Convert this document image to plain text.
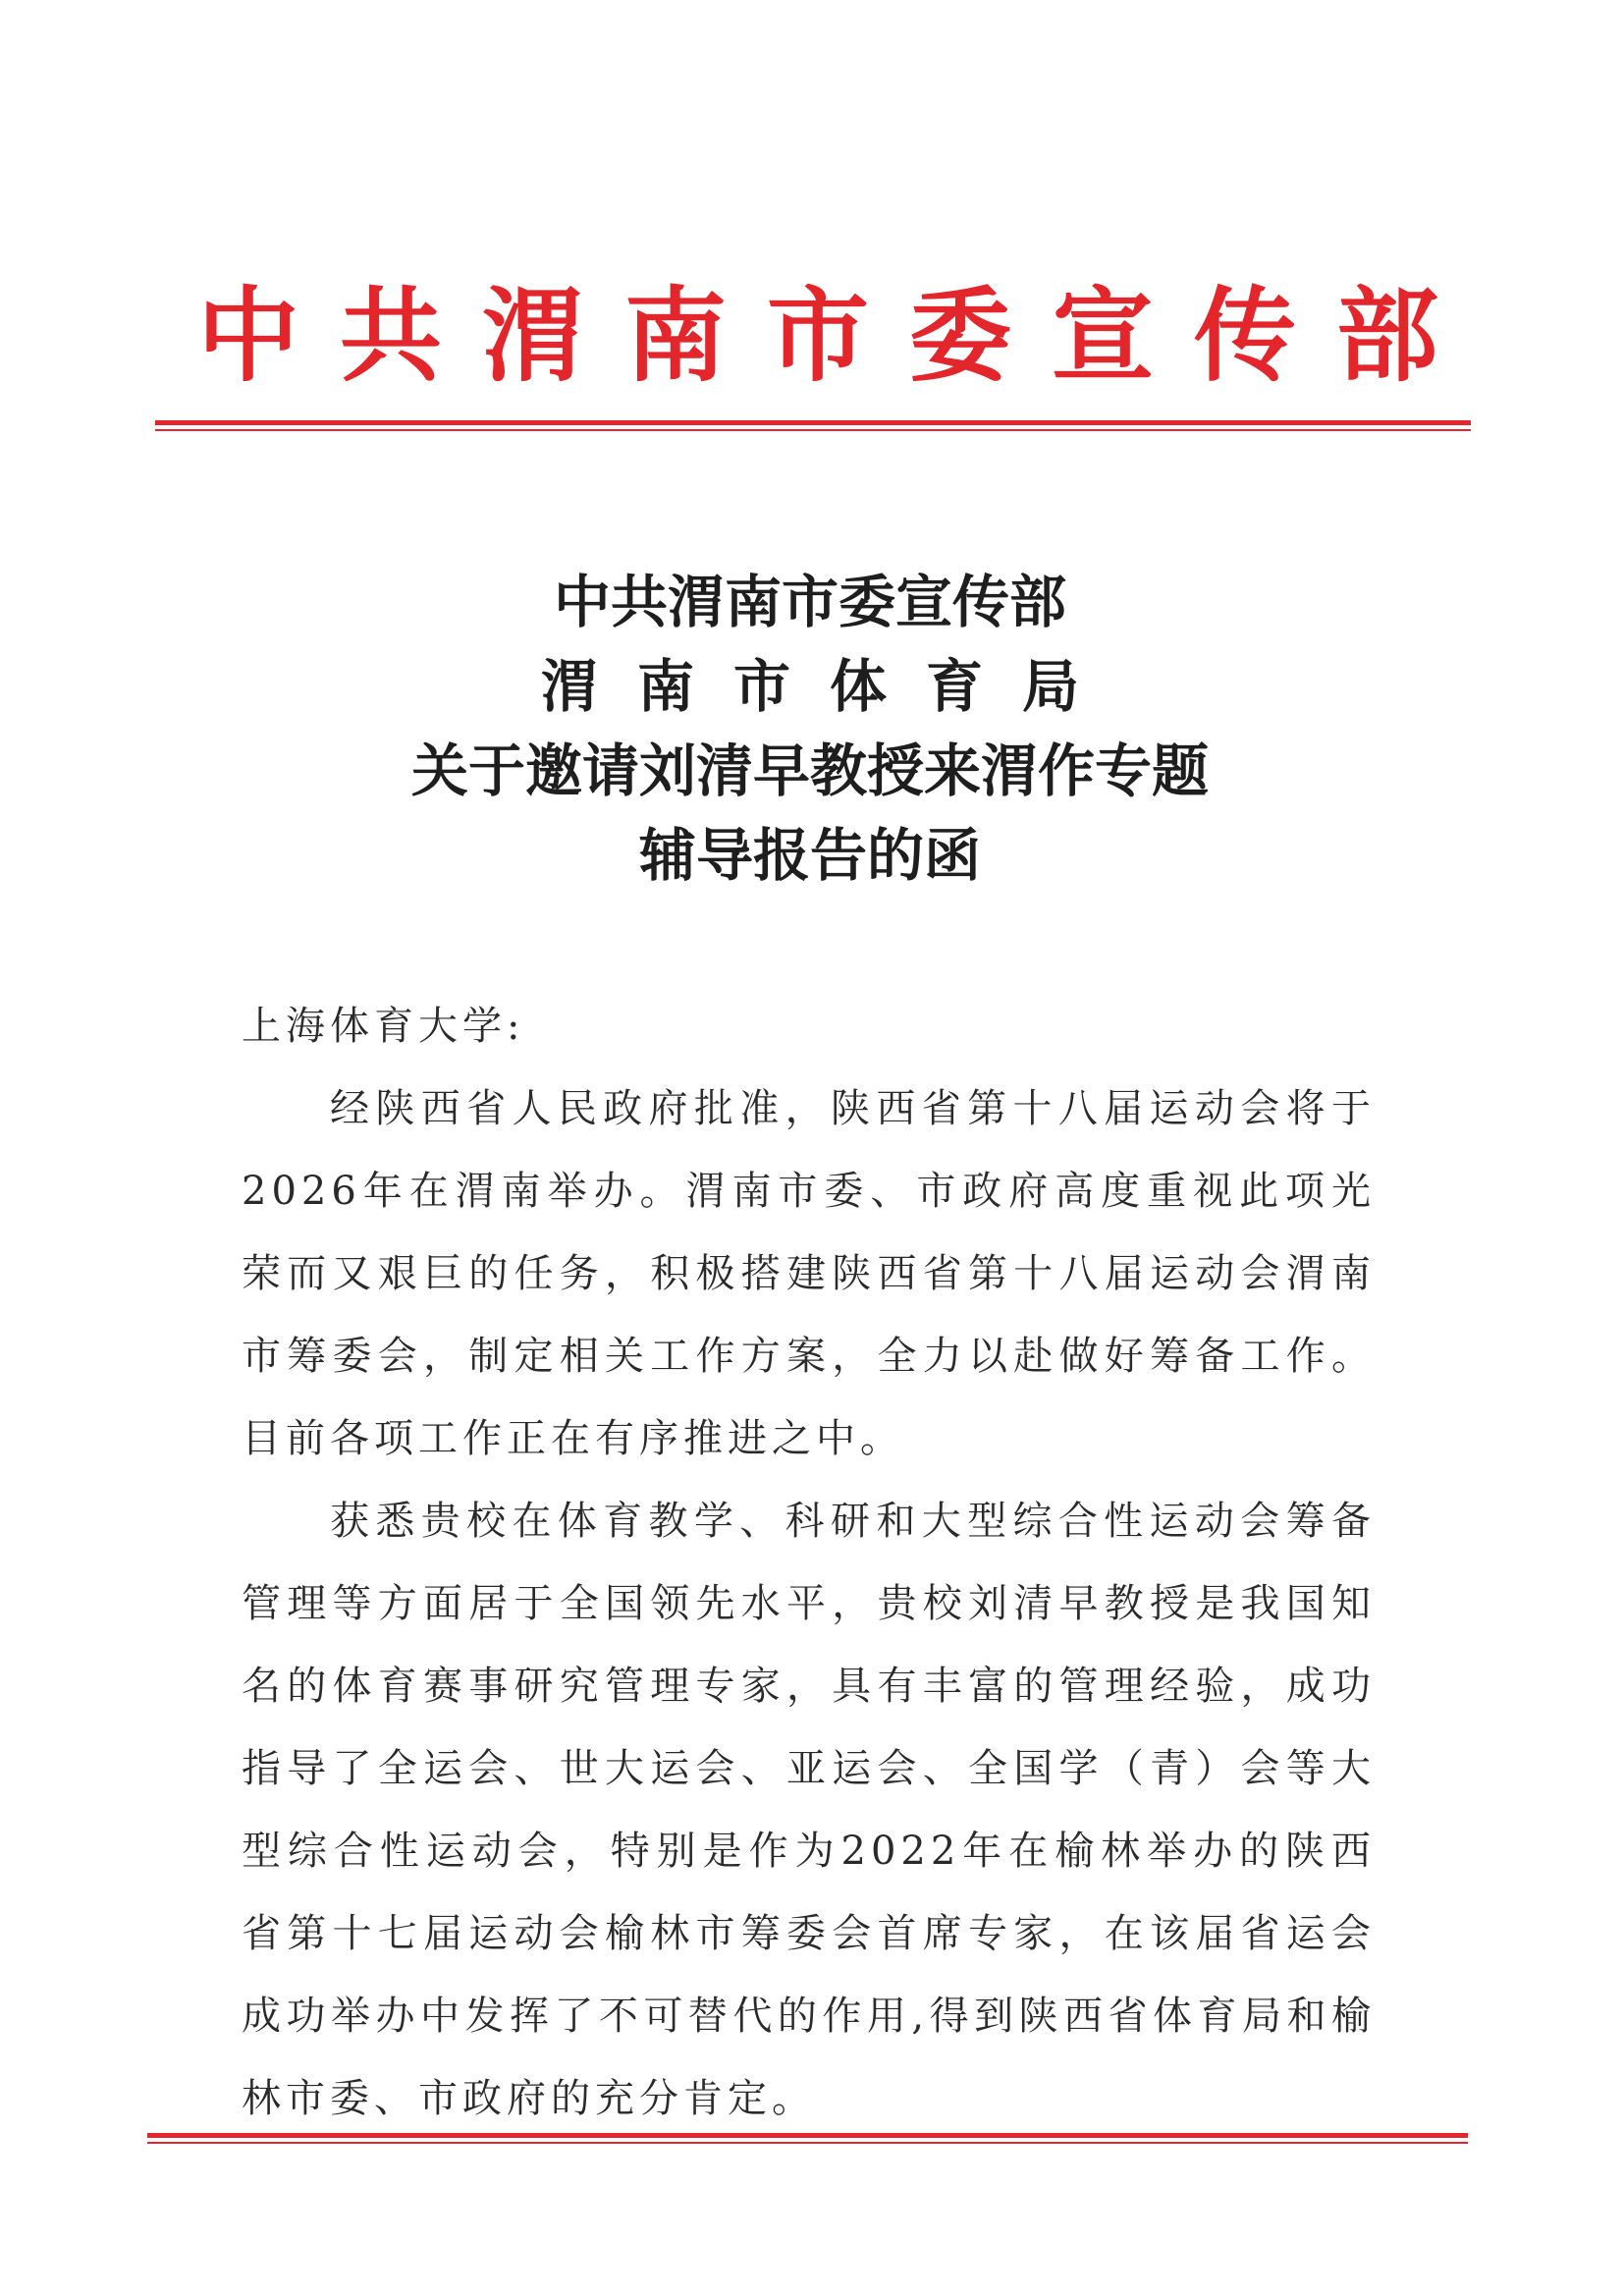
中共渭南市委宣传部
中共渭南市委宣传部
渭南市体育局
关于邀请刘清早教授来渭作专题
辅导报告的函
上海体育大学:

经陕西省人民政府批准，陕西省第十八届运动会将于2026年在渭南举办。渭南市委、市政府高度重视此项光荣而又艰巨的任务，积极搭建陕西省第十八届运动会渭南市筹委会，制定相关工作方案，全力以赴做好筹备工作。目前各项工作正在有序推进之中。

获悉贵校在体育教学、科研和大型综合性运动会筹备管理等方面居于全国领先水平，贵校刘清早教授是我国知名的体育赛事研究管理专家，具有丰富的管理经验，成功指导了全运会、世大运会、亚运会、全国学（青）会等大型综合性运动会，特别是作为2022年在榆林举办的陕西省第十七届运动会榆林市筹委会首席专家，在该届省运会成功举办中发挥了不可替代的作用,得到陕西省体育局和榆林市委、市政府的充分肯定。
